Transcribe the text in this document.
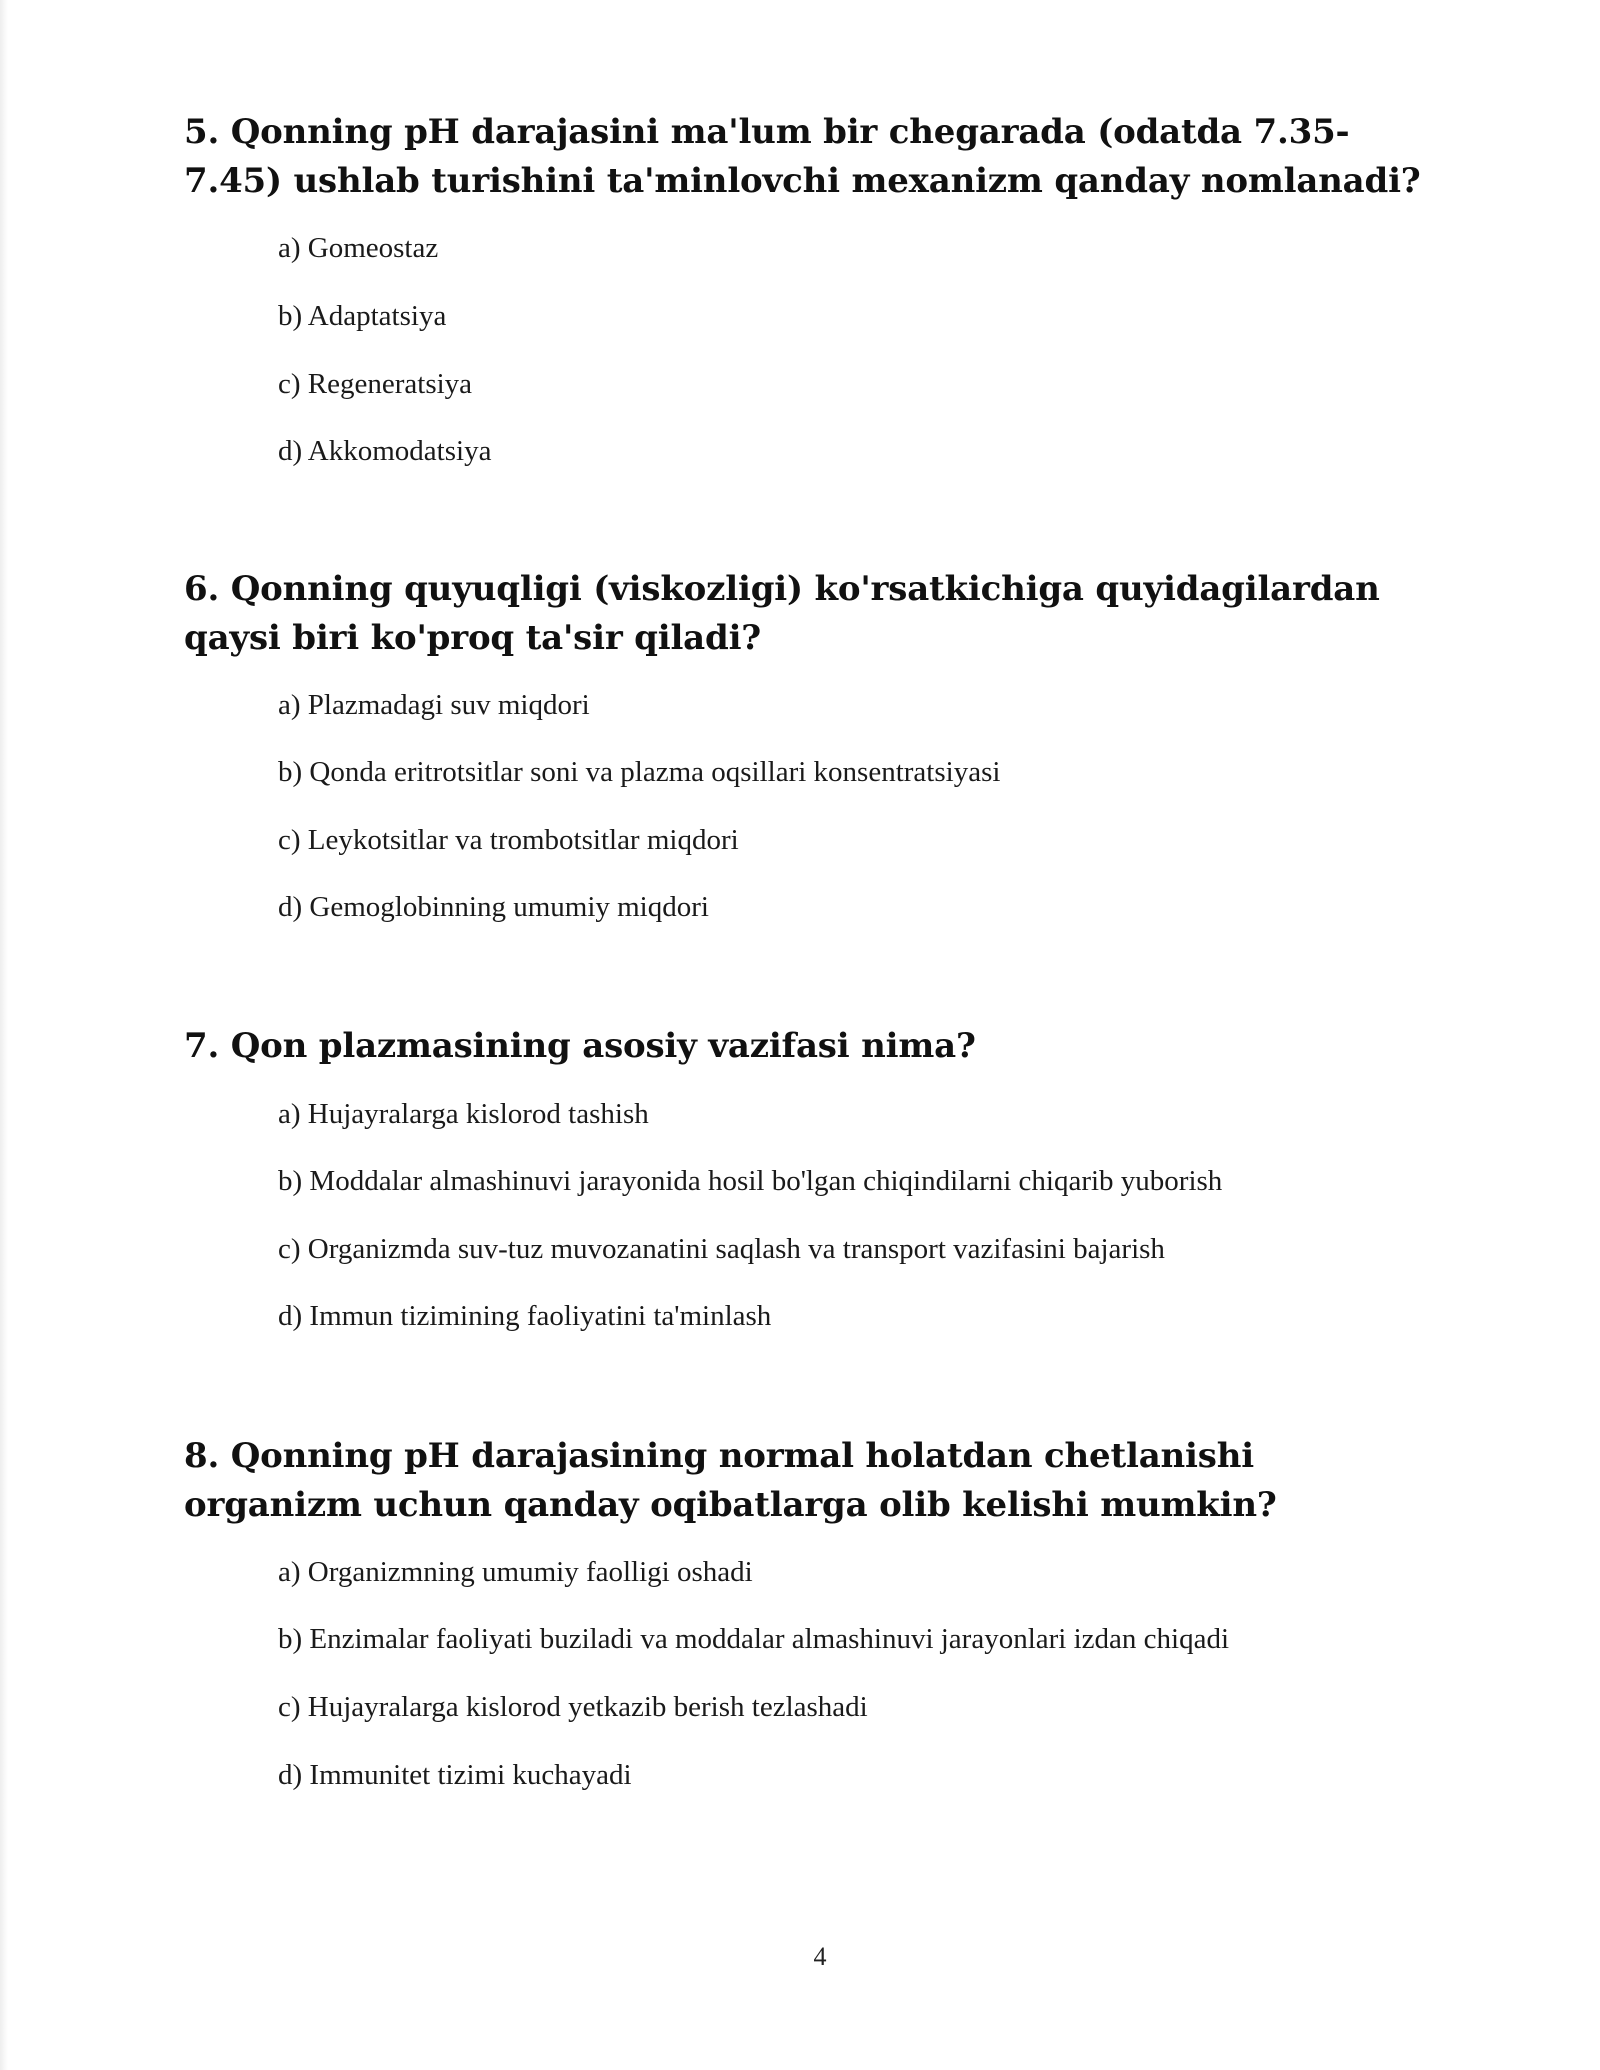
5. Qonning pH darajasini ma'lum bir chegarada (odatda 7.35-7.45) ushlab turishini ta'minlovchi mexanizm qanday nomlanadi?
a) Gomeostaz
b) Adaptatsiya
c) Regeneratsiya
d) Akkomodatsiya
6. Qonning quyuqligi (viskozligi) ko'rsatkichiga quyidagilardan qaysi biri ko'proq ta'sir qiladi?
a) Plazmadagi suv miqdori
b) Qonda eritrotsitlar soni va plazma oqsillari konsentratsiyasi
c) Leykotsitlar va trombotsitlar miqdori
d) Gemoglobinning umumiy miqdori
7. Qon plazmasining asosiy vazifasi nima?
a) Hujayralarga kislorod tashish
b) Moddalar almashinuvi jarayonida hosil bo'lgan chiqindilarni chiqarib yuborish
c) Organizmda suv-tuz muvozanatini saqlash va transport vazifasini bajarish
d) Immun tizimining faoliyatini ta'minlash
8. Qonning pH darajasining normal holatdan chetlanishi organizm uchun qanday oqibatlarga olib kelishi mumkin?
a) Organizmning umumiy faolligi oshadi
b) Enzimalar faoliyati buziladi va moddalar almashinuvi jarayonlari izdan chiqadi
c) Hujayralarga kislorod yetkazib berish tezlashadi
d) Immunitet tizimi kuchayadi
4
